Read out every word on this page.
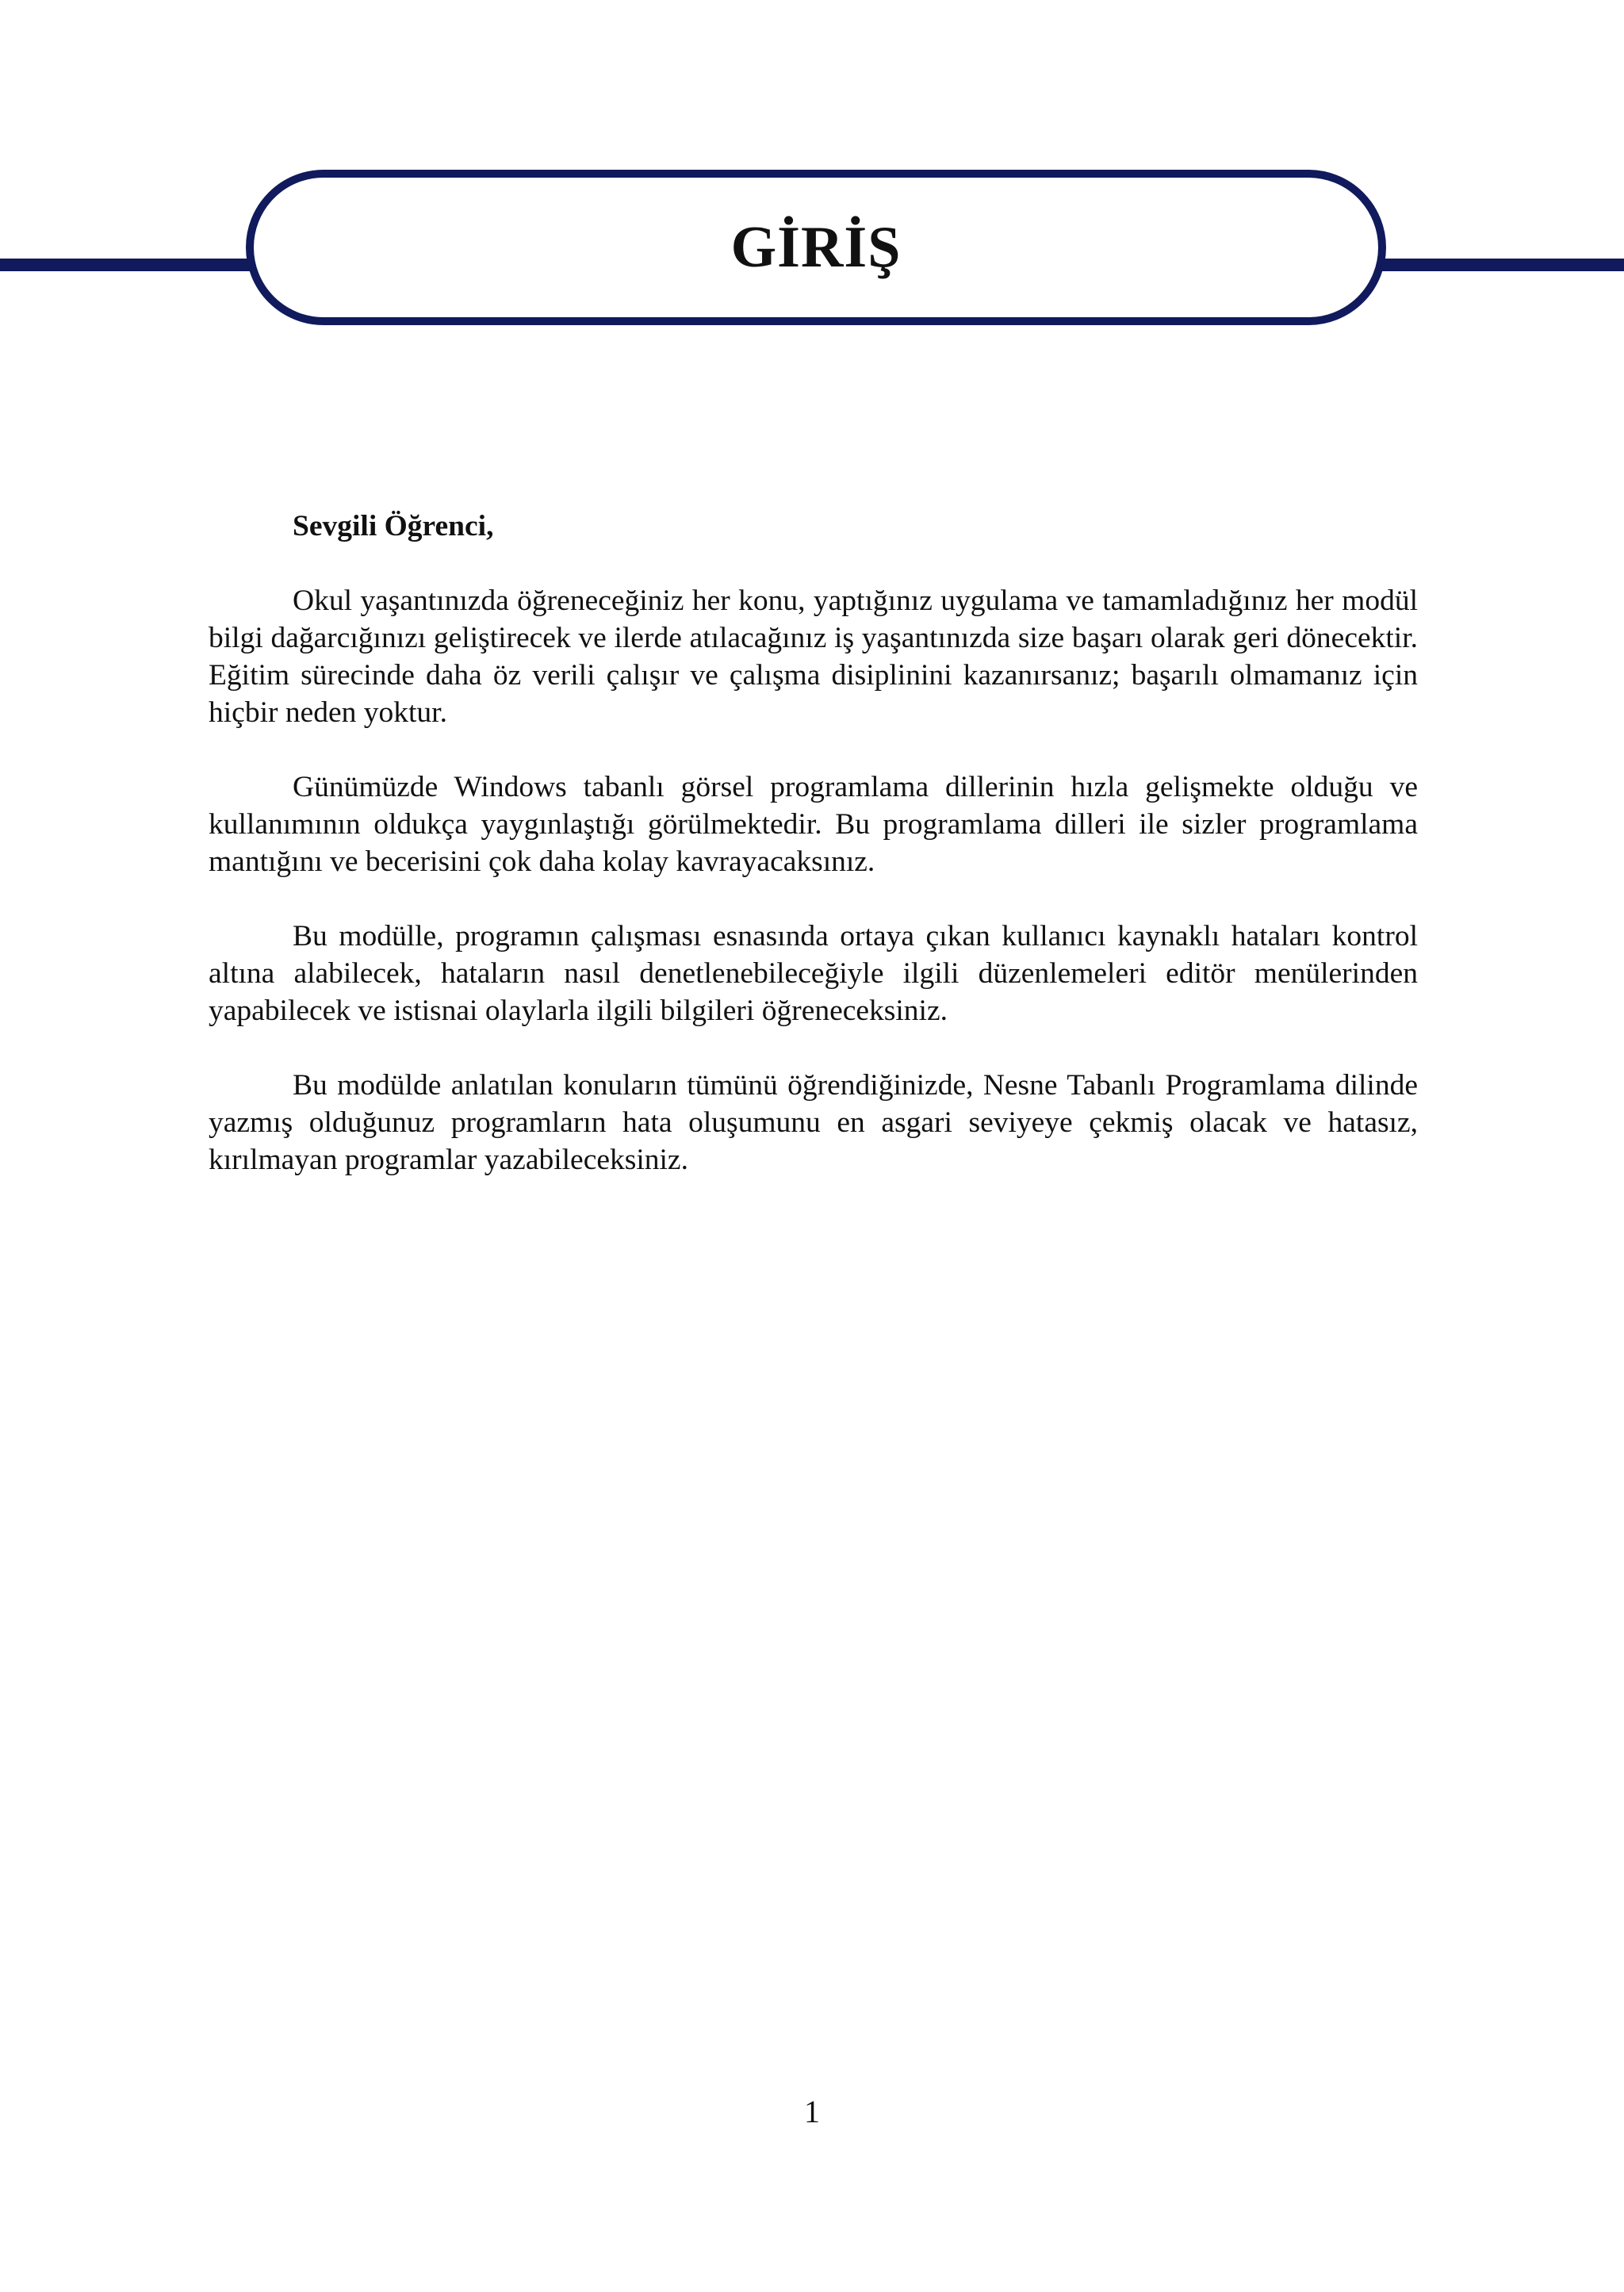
GİRİŞ

Sevgili Öğrenci,

Okul yaşantınızda öğreneceğiniz her konu, yaptığınız uygulama ve tamamladığınız her modül bilgi dağarcığınızı geliştirecek ve ilerde atılacağınız iş yaşantınızda size başarı olarak geri dönecektir. Eğitim sürecinde daha öz verili çalışır ve çalışma disiplinini kazanırsanız; başarılı olmamanız için hiçbir neden yoktur.

Günümüzde Windows tabanlı görsel programlama dillerinin hızla gelişmekte olduğu ve kullanımının oldukça yaygınlaştığı görülmektedir. Bu programlama dilleri ile sizler programlama mantığını ve becerisini çok daha kolay kavrayacaksınız.

Bu modülle, programın çalışması esnasında ortaya çıkan kullanıcı kaynaklı hataları kontrol altına alabilecek, hataların nasıl denetlenebileceğiyle ilgili düzenlemeleri editör menülerinden yapabilecek ve istisnai olaylarla ilgili bilgileri öğreneceksiniz.

Bu modülde anlatılan konuların tümünü öğrendiğinizde, Nesne Tabanlı Programlama dilinde yazmış olduğunuz programların hata oluşumunu en asgari seviyeye çekmiş olacak ve hatasız, kırılmayan programlar yazabileceksiniz.

1
